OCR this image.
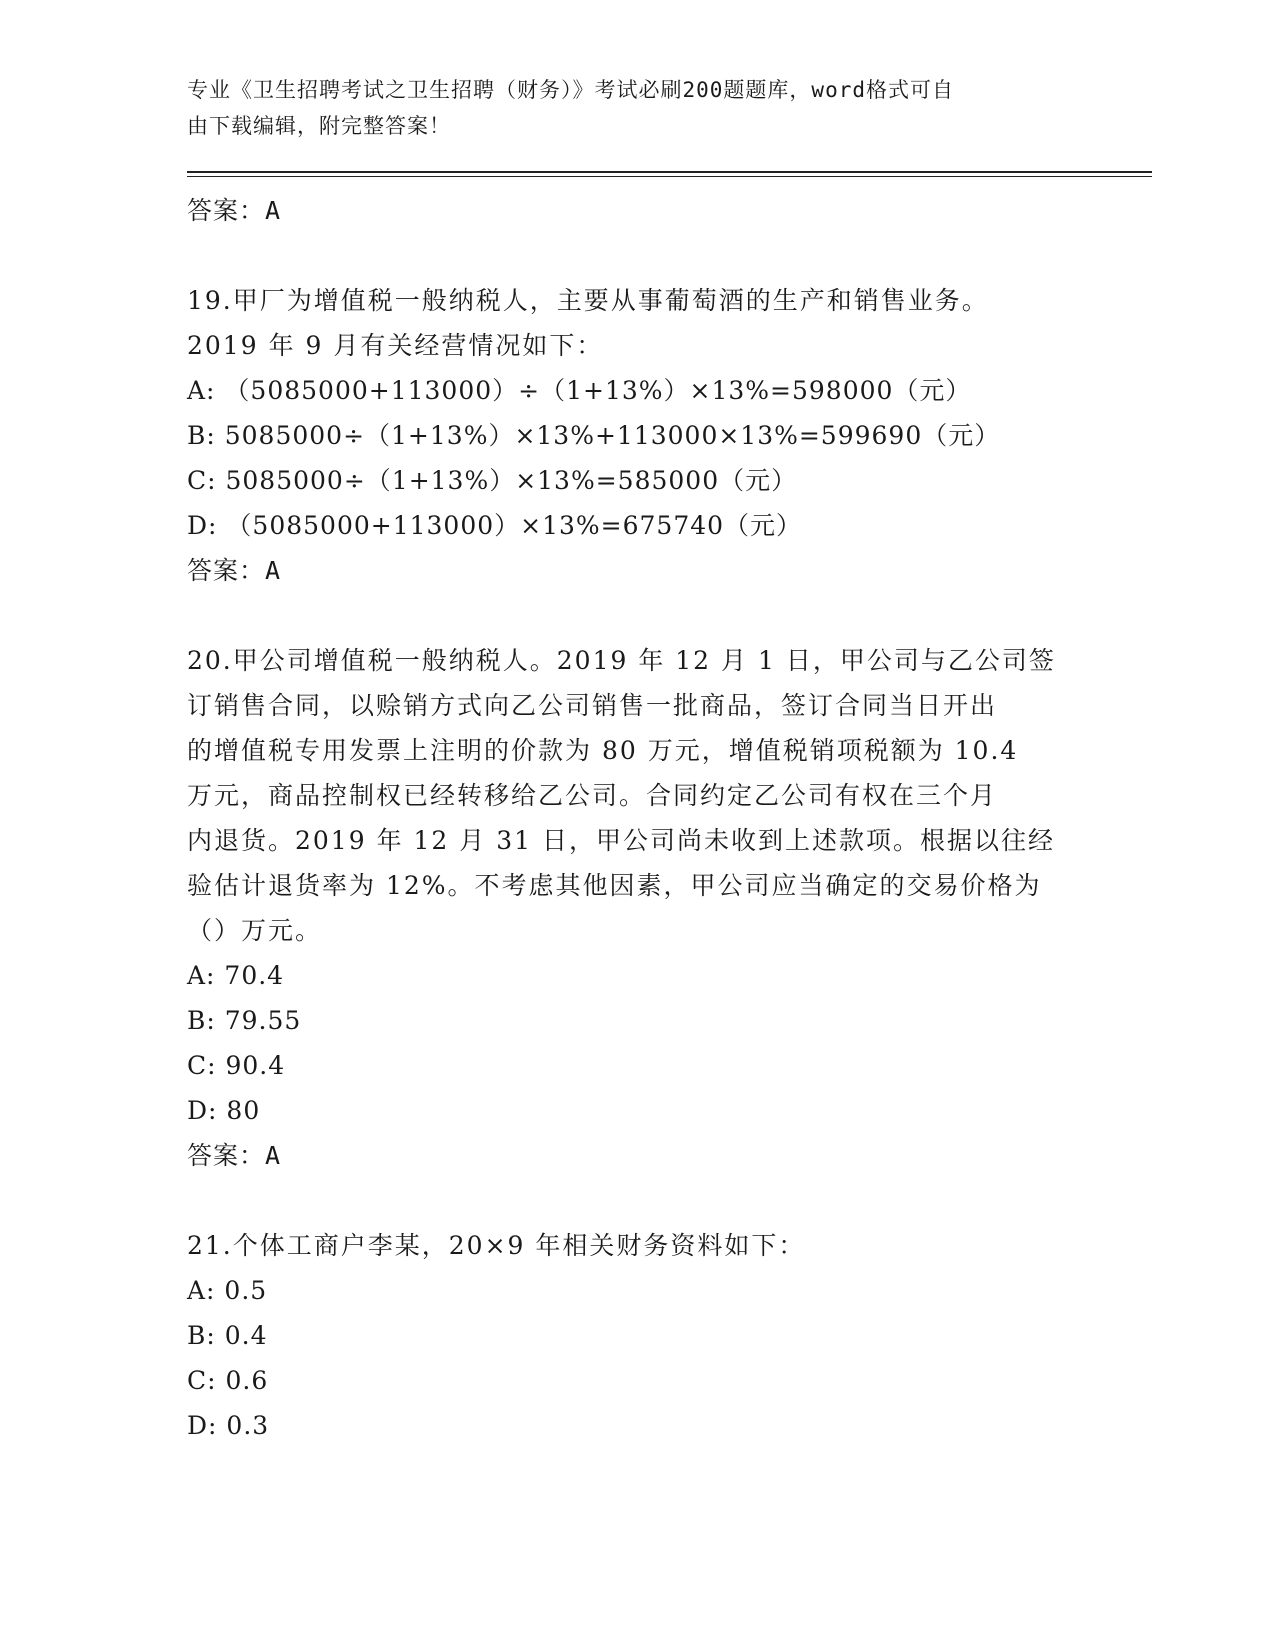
专业《卫生招聘考试之卫生招聘（财务）》考试必刷200题题库，word格式可自
由下载编辑，附完整答案！
答案：A
19.甲厂为增值税一般纳税人，主要从事葡萄酒的生产和销售业务。
2019 年 9 月有关经营情况如下：
A: （5085000+113000）÷（1+13%）×13%=598000（元）
B: 5085000÷（1+13%）×13%+113000×13%=599690（元）
C: 5085000÷（1+13%）×13%=585000（元）
D: （5085000+113000）×13%=675740（元）
答案：A
20.甲公司增值税一般纳税人。2019 年 12 月 1 日，甲公司与乙公司签
订销售合同，以赊销方式向乙公司销售一批商品，签订合同当日开出
的增值税专用发票上注明的价款为 80 万元，增值税销项税额为 10.4
万元，商品控制权已经转移给乙公司。合同约定乙公司有权在三个月
内退货。2019 年 12 月 31 日，甲公司尚未收到上述款项。根据以往经
验估计退货率为 12%。不考虑其他因素，甲公司应当确定的交易价格为
（）万元。
A: 70.4
B: 79.55
C: 90.4
D: 80
答案：A
21.个体工商户李某，20×9 年相关财务资料如下：
A: 0.5
B: 0.4
C: 0.6
D: 0.3
